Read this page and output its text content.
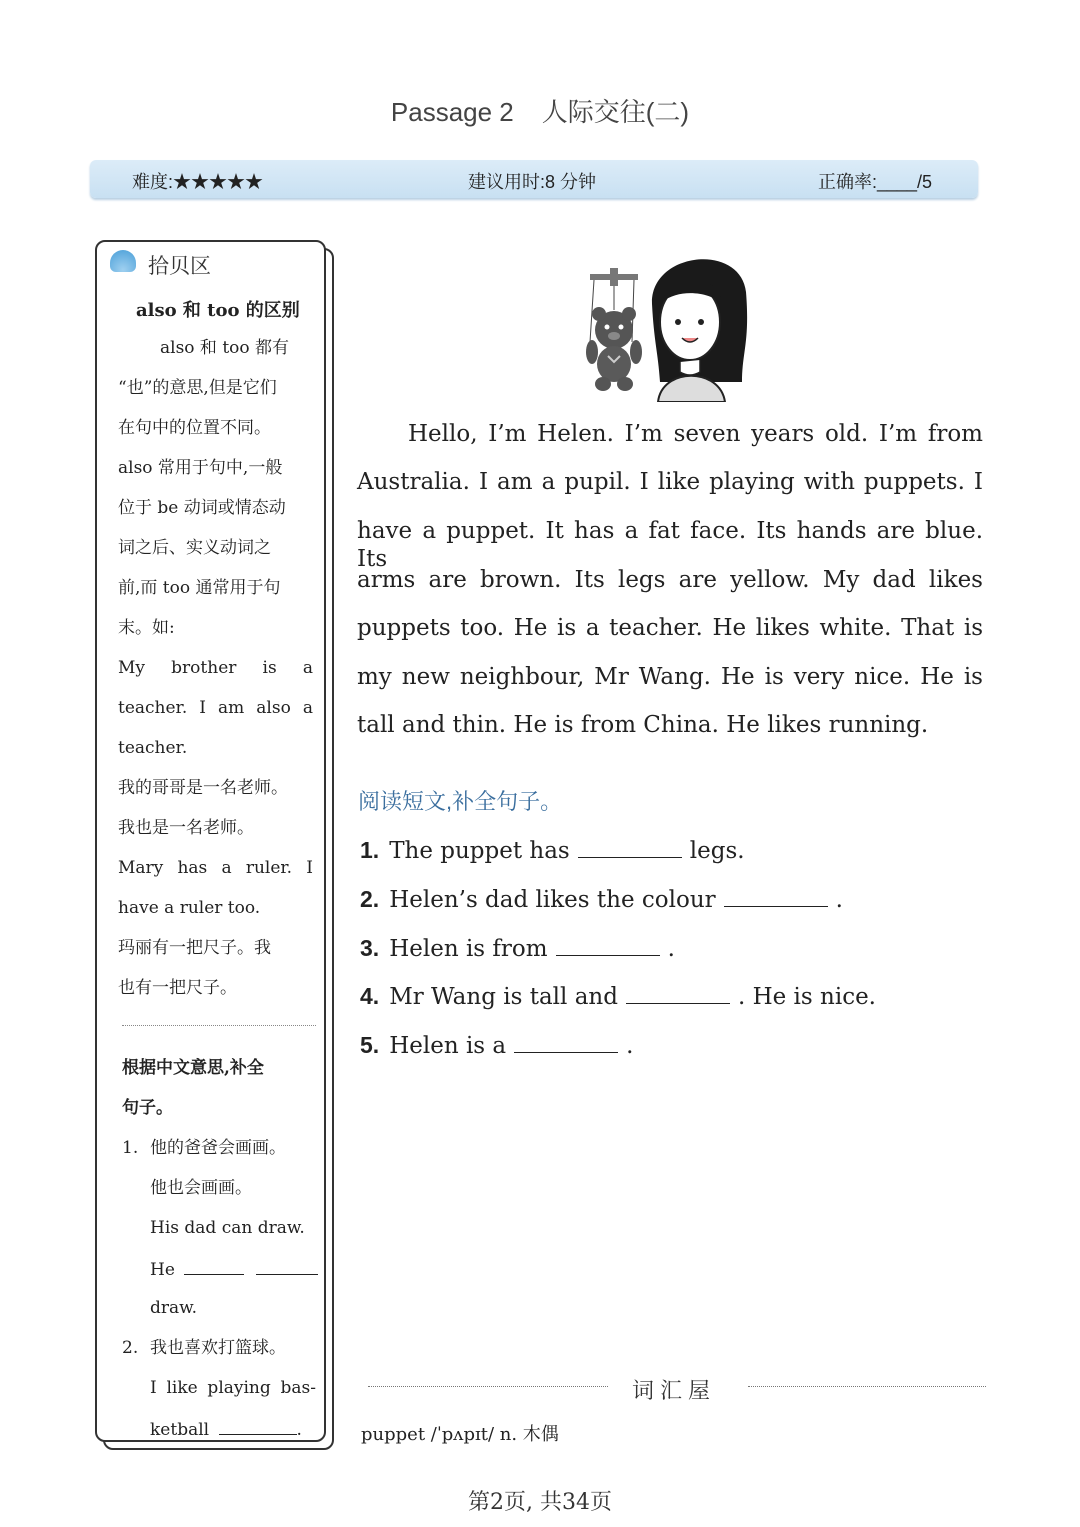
Passage 2 人际交往(二)
难度:★★★★★	建议用时:8 分钟	正确率:____/5
拾贝区
also 和 too 的区别
also 和 too 都有
“也”的意思,但是它们
在句中的位置不同。
also 常用于句中,一般
位于 be 动词或情态动
词之后、实义动词之
前,而 too 通常用于句
末。如:
My brother is a
teacher. I am also a
teacher.
我的哥哥是一名老师。
我也是一名老师。
Mary has a ruler. I
have a ruler too.
玛丽有一把尺子。我
也有一把尺子。
根据中文意思,补全
句子。
1. 他的爸爸会画画。
他也会画画。
His dad can draw.
He
draw.
2. 我也喜欢打篮球。
I like playing bas-
ketball	.
Hello, I’m Helen. I’m seven years old. I’m from
Australia. I am a pupil. I like playing with puppets. I
have a puppet. It has a fat face. Its hands are blue. Its
arms are brown. Its legs are yellow. My dad likes
puppets too. He is a teacher. He likes white. That is
my new neighbour, Mr Wang. He is very nice. He is
tall and thin. He is from China. He likes running.
阅读短文,补全句子。
1. The puppet has	legs.
2. Helen’s dad likes the colour	.
3. Helen is from	.
4. Mr Wang is tall and	. He is nice.
5. Helen is a	.
词汇屋
puppet /ˈpʌpɪt/ n. 木偶
第2页, 共34页
